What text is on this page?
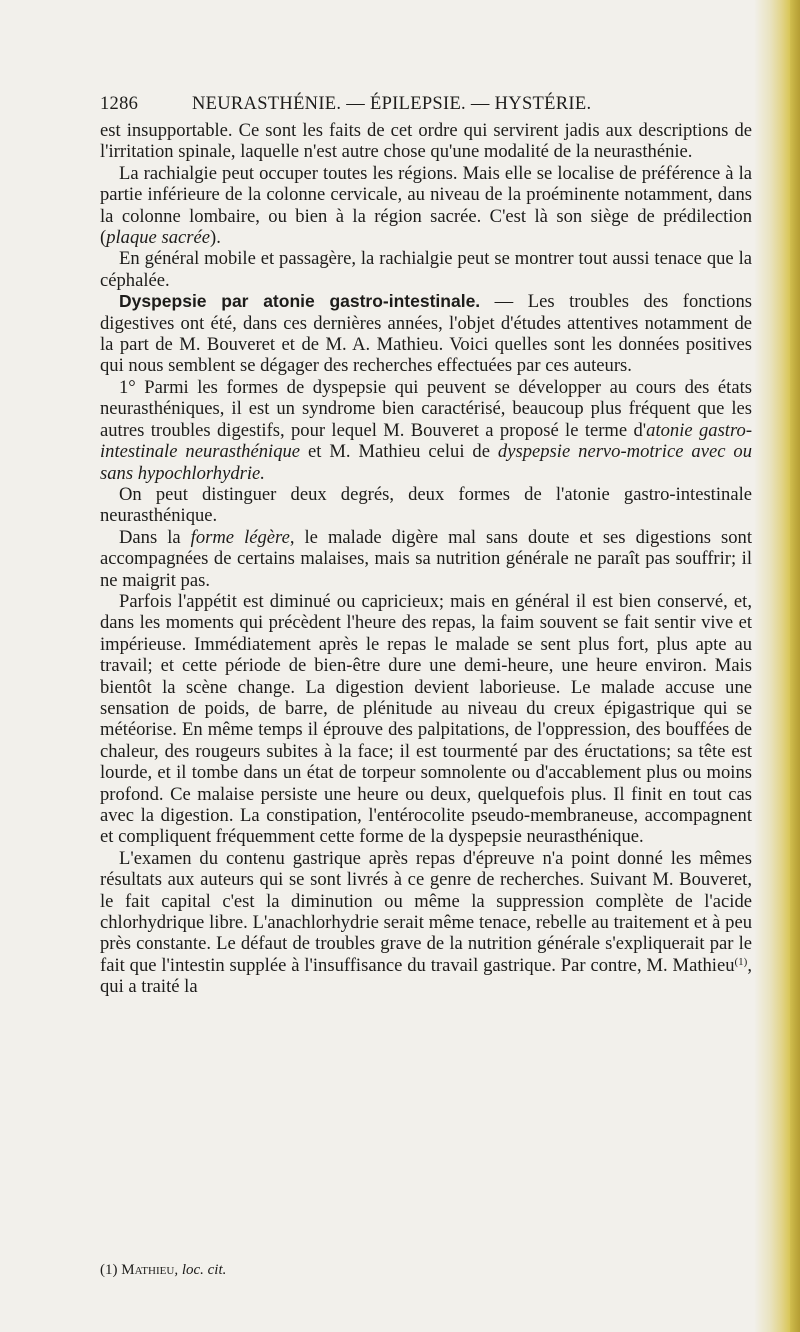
1286	NEURASTHÉNIE. — ÉPILEPSIE. — HYSTÉRIE.

est insupportable. Ce sont les faits de cet ordre qui servirent jadis aux descriptions de l'irritation spinale, laquelle n'est autre chose qu'une modalité de la neurasthénie.

La rachialgie peut occuper toutes les régions. Mais elle se localise de préférence à la partie inférieure de la colonne cervicale, au niveau de la proéminente notamment, dans la colonne lombaire, ou bien à la région sacrée. C'est là son siège de prédilection (plaque sacrée).

En général mobile et passagère, la rachialgie peut se montrer tout aussi tenace que la céphalée.

Dyspepsie par atonie gastro-intestinale. — Les troubles des fonctions digestives ont été, dans ces dernières années, l'objet d'études attentives notamment de la part de M. Bouveret et de M. A. Mathieu. Voici quelles sont les données positives qui nous semblent se dégager des recherches effectuées par ces auteurs.

1° Parmi les formes de dyspepsie qui peuvent se développer au cours des états neurasthéniques, il est un syndrome bien caractérisé, beaucoup plus fréquent que les autres troubles digestifs, pour lequel M. Bouveret a proposé le terme d'atonie gastro-intestinale neurasthénique et M. Mathieu celui de dyspepsie nervo-motrice avec ou sans hypochlorhydrie.

On peut distinguer deux degrés, deux formes de l'atonie gastro-intestinale neurasthénique.

Dans la forme légère, le malade digère mal sans doute et ses digestions sont accompagnées de certains malaises, mais sa nutrition générale ne paraît pas souffrir; il ne maigrit pas.

Parfois l'appétit est diminué ou capricieux; mais en général il est bien conservé, et, dans les moments qui précèdent l'heure des repas, la faim souvent se fait sentir vive et impérieuse. Immédiatement après le repas le malade se sent plus fort, plus apte au travail; et cette période de bien-être dure une demi-heure, une heure environ. Mais bientôt la scène change. La digestion devient laborieuse. Le malade accuse une sensation de poids, de barre, de plénitude au niveau du creux épigastrique qui se météorise. En même temps il éprouve des palpitations, de l'oppression, des bouffées de chaleur, des rougeurs subites à la face; il est tourmenté par des éructations; sa tête est lourde, et il tombe dans un état de torpeur somnolente ou d'accablement plus ou moins profond. Ce malaise persiste une heure ou deux, quelquefois plus. Il finit en tout cas avec la digestion. La constipation, l'entérocolite pseudo-membraneuse, accompagnent et compliquent fréquemment cette forme de la dyspepsie neurasthénique.

L'examen du contenu gastrique après repas d'épreuve n'a point donné les mêmes résultats aux auteurs qui se sont livrés à ce genre de recherches. Suivant M. Bouveret, le fait capital c'est la diminution ou même la suppression complète de l'acide chlorhydrique libre. L'anachlorhydrie serait même tenace, rebelle au traitement et à peu près constante. Le défaut de troubles grave de la nutrition générale s'expliquerait par le fait que l'intestin supplée à l'insuffisance du travail gastrique. Par contre, M. Mathieu$^{(1)}$, qui a traité la

(1) Mathieu, loc. cit.
